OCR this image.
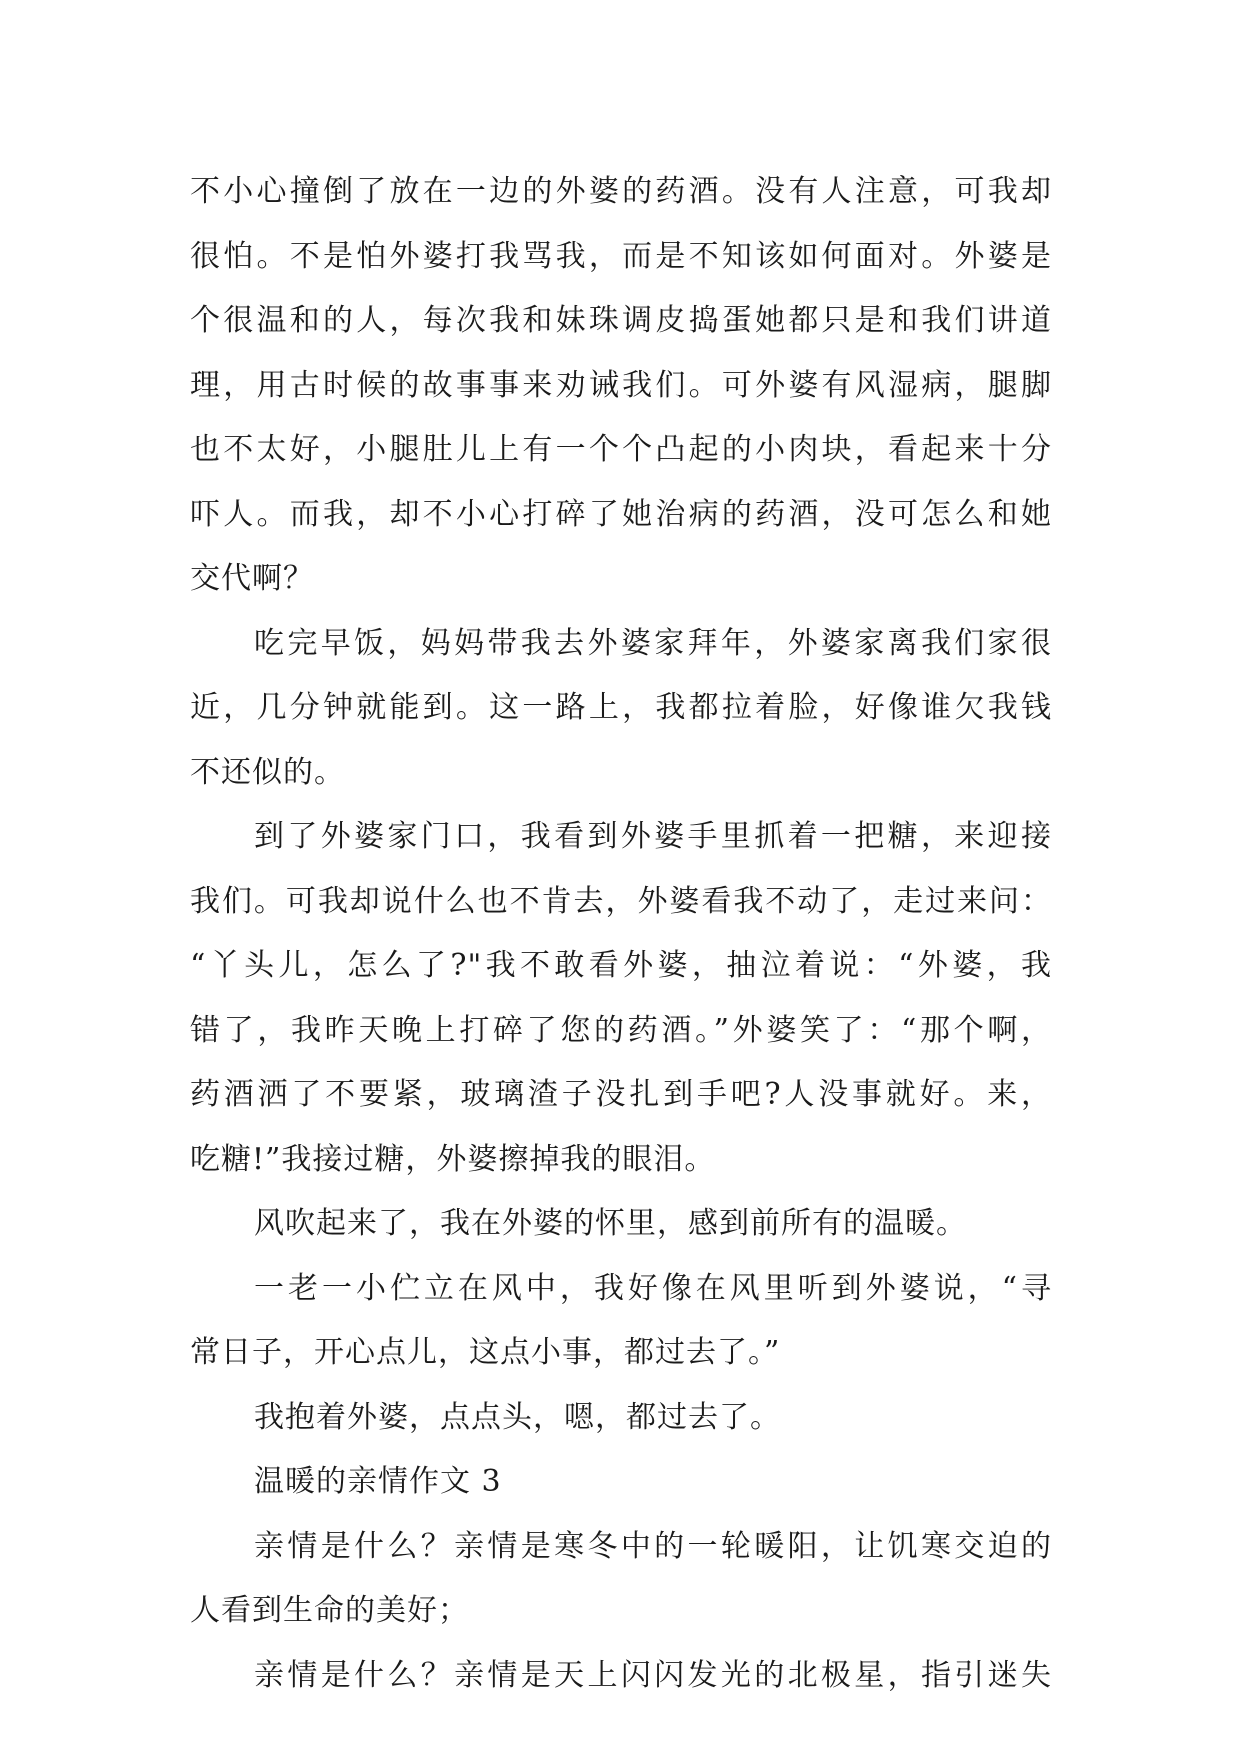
不小心撞倒了放在一边的外婆的药酒。没有人注意，可我却
很怕。不是怕外婆打我骂我，而是不知该如何面对。外婆是
个很温和的人，每次我和妹珠调皮捣蛋她都只是和我们讲道
理，用古时候的故事事来劝诫我们。可外婆有风湿病，腿脚
也不太好，小腿肚儿上有一个个凸起的小肉块，看起来十分
吓人。而我，却不小心打碎了她治病的药酒，没可怎么和她
交代啊？
吃完早饭，妈妈带我去外婆家拜年，外婆家离我们家很
近，几分钟就能到。这一路上，我都拉着脸，好像谁欠我钱
不还似的。
到了外婆家门口，我看到外婆手里抓着一把糖，来迎接
我们。可我却说什么也不肯去，外婆看我不动了，走过来问：
“丫头儿，怎么了?"我不敢看外婆，抽泣着说：“外婆，我
错了，我昨天晚上打碎了您的药酒。”外婆笑了：“那个啊，
药酒洒了不要紧，玻璃渣子没扎到手吧?人没事就好。来，
吃糖!”我接过糖，外婆擦掉我的眼泪。
风吹起来了，我在外婆的怀里，感到前所有的温暖。
一老一小伫立在风中，我好像在风里听到外婆说，“寻
常日子，开心点儿，这点小事，都过去了。”
我抱着外婆，点点头，嗯，都过去了。
温暖的亲情作文 3
亲情是什么？亲情是寒冬中的一轮暖阳，让饥寒交迫的
人看到生命的美好；
亲情是什么？亲情是天上闪闪发光的北极星，指引迷失
